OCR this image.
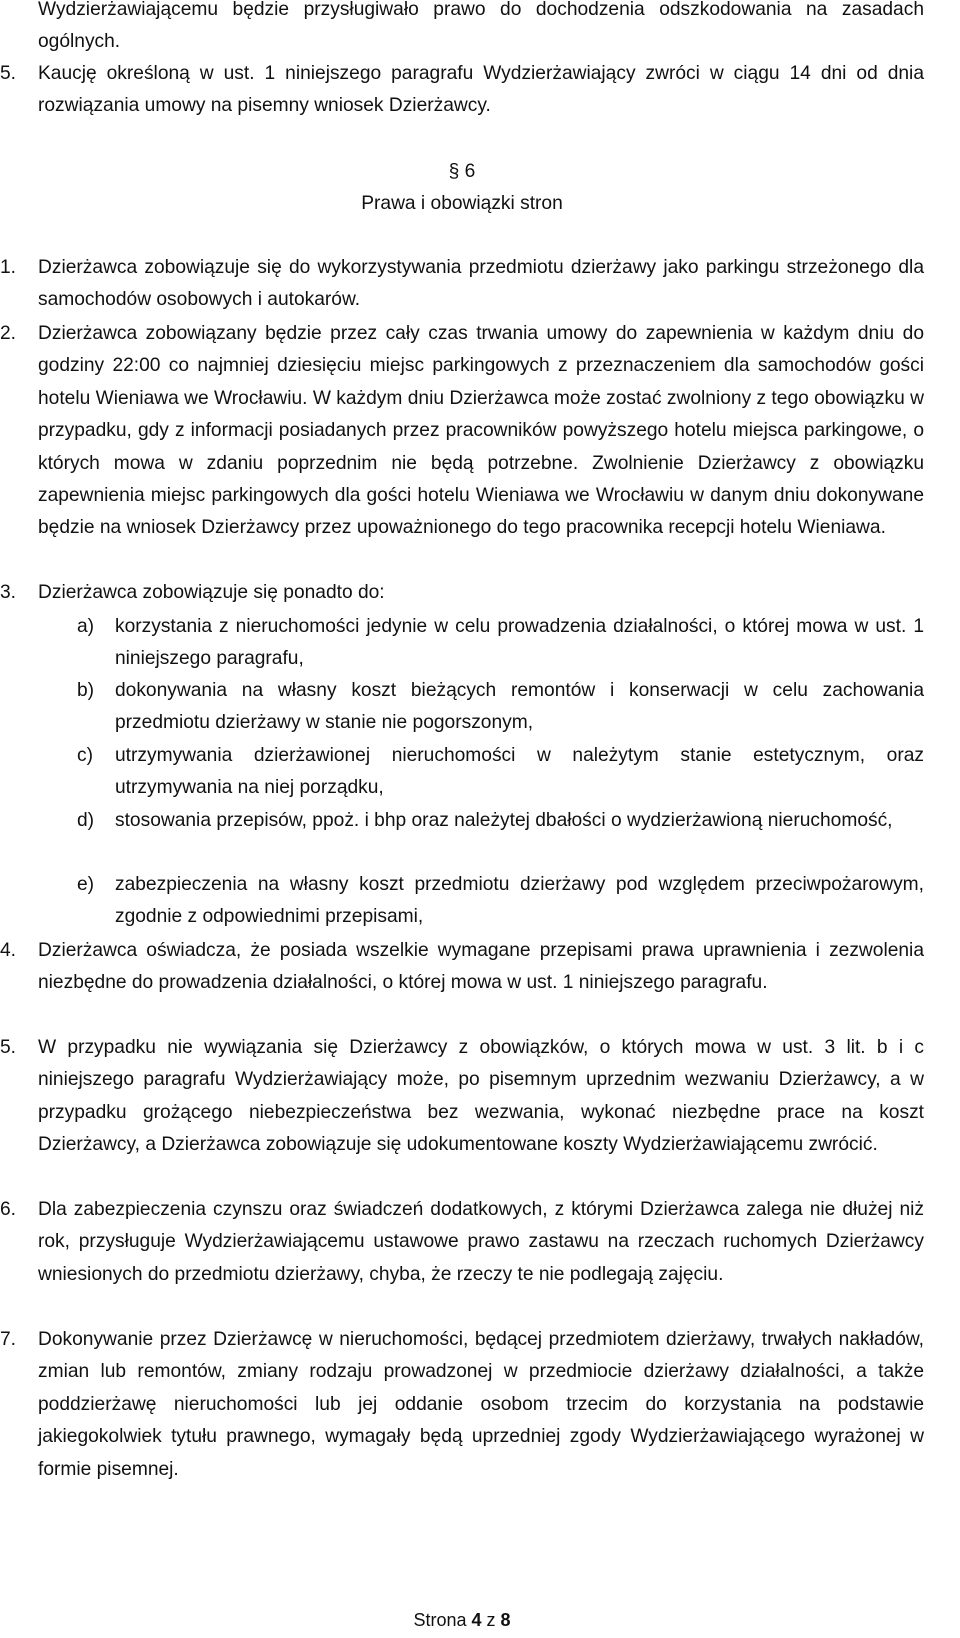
Wydzierżawiającemu będzie przysługiwało prawo do dochodzenia odszkodowania na zasadach ogólnych.

5. Kaucję określoną w ust. 1 niniejszego paragrafu Wydzierżawiający zwróci w ciągu 14 dni od dnia rozwiązania umowy na pisemny wniosek Dzierżawcy.

§ 6
Prawa i obowiązki stron
1. Dzierżawca zobowiązuje się do wykorzystywania przedmiotu dzierżawy jako parkingu strzeżonego dla samochodów osobowych i autokarów.

2. Dzierżawca zobowiązany będzie przez cały czas trwania umowy do zapewnienia w każdym dniu do godziny 22:00 co najmniej dziesięciu miejsc parkingowych z przeznaczeniem dla samochodów gości hotelu Wieniawa we Wrocławiu. W każdym dniu Dzierżawca może zostać zwolniony z tego obowiązku w przypadku, gdy z informacji posiadanych przez pracowników powyższego hotelu miejsca parkingowe, o których mowa w zdaniu poprzednim nie będą potrzebne. Zwolnienie Dzierżawcy z obowiązku zapewnienia miejsc parkingowych dla gości hotelu Wieniawa we Wrocławiu w danym dniu dokonywane będzie na wniosek Dzierżawcy przez upoważnionego do tego pracownika recepcji hotelu Wieniawa.

3. Dzierżawca zobowiązuje się ponadto do:

a) korzystania z nieruchomości jedynie w celu prowadzenia działalności, o której mowa w ust. 1 niniejszego paragrafu,

b) dokonywania na własny koszt bieżących remontów i konserwacji w celu zachowania przedmiotu dzierżawy w stanie nie pogorszonym,

c) utrzymywania dzierżawionej nieruchomości w należytym stanie estetycznym, oraz utrzymywania na niej porządku,

d) stosowania przepisów, ppoż. i bhp oraz należytej dbałości o wydzierżawioną nieruchomość,

e) zabezpieczenia na własny koszt przedmiotu dzierżawy pod względem przeciwpożarowym, zgodnie z odpowiednimi przepisami,

4. Dzierżawca oświadcza, że posiada wszelkie wymagane przepisami prawa uprawnienia i zezwolenia niezbędne do prowadzenia działalności, o której mowa w ust. 1 niniejszego paragrafu.

5. W przypadku nie wywiązania się Dzierżawcy z obowiązków, o których mowa w ust. 3 lit. b i c niniejszego paragrafu Wydzierżawiający może, po pisemnym uprzednim wezwaniu Dzierżawcy, a w przypadku grożącego niebezpieczeństwa bez wezwania, wykonać niezbędne prace na koszt Dzierżawcy, a Dzierżawca zobowiązuje się udokumentowane koszty Wydzierżawiającemu zwrócić.

6. Dla zabezpieczenia czynszu oraz świadczeń dodatkowych, z którymi Dzierżawca zalega nie dłużej niż rok, przysługuje Wydzierżawiającemu ustawowe prawo zastawu na rzeczach ruchomych Dzierżawcy wniesionych do przedmiotu dzierżawy, chyba, że rzeczy te nie podlegają zajęciu.

7. Dokonywanie przez Dzierżawcę w nieruchomości, będącej przedmiotem dzierżawy, trwałych nakładów, zmian lub remontów, zmiany rodzaju prowadzonej w przedmiocie dzierżawy działalności, a także poddzierżawę nieruchomości lub jej oddanie osobom trzecim do korzystania na podstawie jakiegokolwiek tytułu prawnego, wymagały będą uprzedniej zgody Wydzierżawiającego wyrażonej w formie pisemnej.

Strona 4 z 8
